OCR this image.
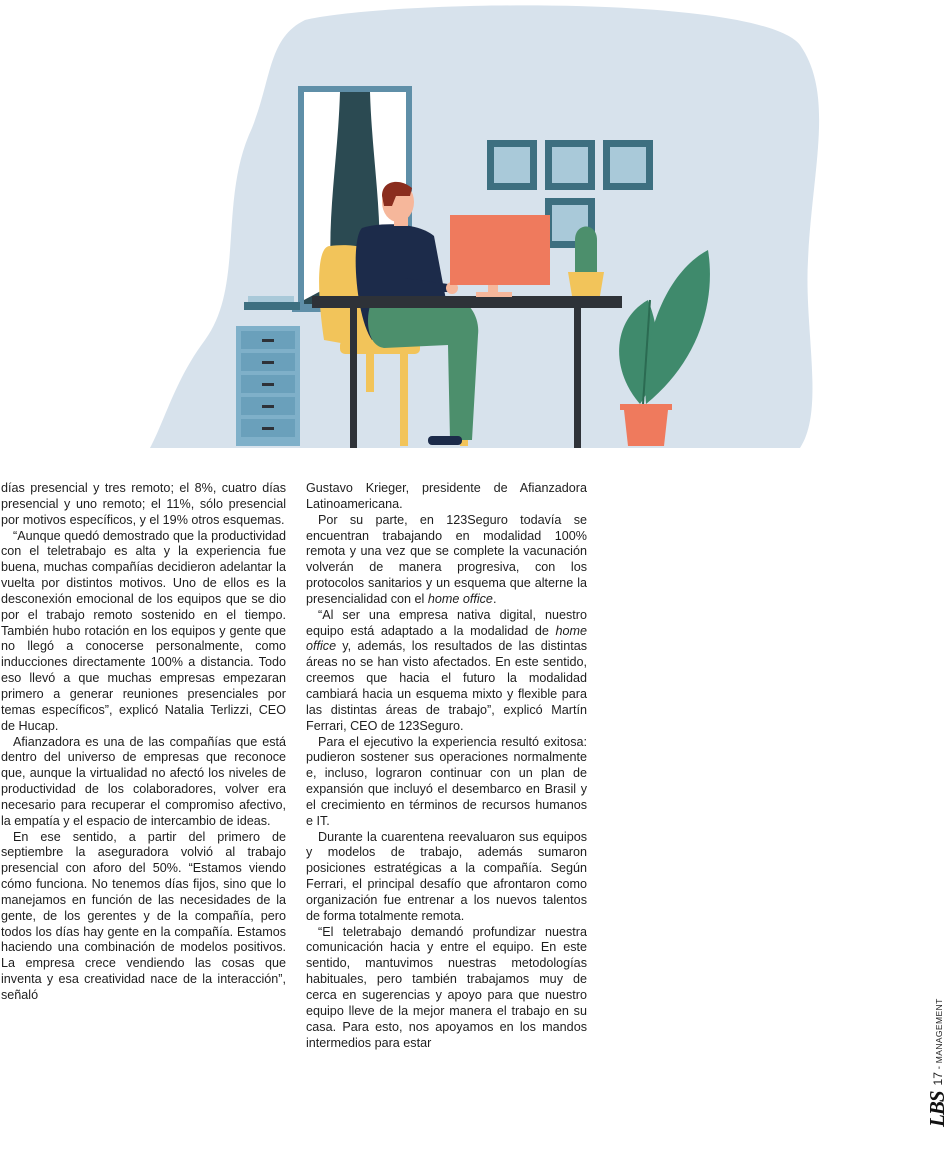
días presencial y tres remoto; el 8%, cuatro días presencial y uno remoto; el 11%, sólo presencial por motivos específicos, y el 19% otros esquemas.

“Aunque quedó demostrado que la productividad con el teletrabajo es alta y la experiencia fue buena, muchas compañías decidieron adelantar la vuelta por distintos motivos. Uno de ellos es la desconexión emocional de los equipos que se dio por el trabajo remoto sostenido en el tiempo. También hubo rotación en los equipos y gente que no llegó a conocerse personalmente, como inducciones directamente 100% a distancia. Todo eso llevó a que muchas empresas empezaran primero a generar reuniones presenciales por temas específicos”, explicó Natalia Terlizzi, CEO de Hucap.

Afianzadora es una de las compañías que está dentro del universo de empresas que reconoce que, aunque la virtualidad no afectó los niveles de productividad de los colaboradores, volver era necesario para recuperar el compromiso afectivo, la empatía y el espacio de intercambio de ideas.

En ese sentido, a partir del primero de septiembre la aseguradora volvió al trabajo presencial con aforo del 50%. “Estamos viendo cómo funciona. No tenemos días fijos, sino que lo manejamos en función de las necesidades de la gente, de los gerentes y de la compañía, pero todos los días hay gente en la compañía. Estamos haciendo una combinación de modelos positivos. La empresa crece vendiendo las cosas que inventa y esa creatividad nace de la interacción”, señaló

Gustavo Krieger, presidente de Afianzadora Latinoamericana.

Por su parte, en 123Seguro todavía se encuentran trabajando en modalidad 100% remota y una vez que se complete la vacunación volverán de manera progresiva, con los protocolos sanitarios y un esquema que alterne la presencialidad con el home office.

“Al ser una empresa nativa digital, nuestro equipo está adaptado a la modalidad de home office y, además, los resultados de las distintas áreas no se han visto afectados. En este sentido, creemos que hacia el futuro la modalidad cambiará hacia un esquema mixto y flexible para las distintas áreas de trabajo”, explicó Martín Ferrari, CEO de 123Seguro.

Para el ejecutivo la experiencia resultó exitosa: pudieron sostener sus operaciones normalmente e, incluso, lograron continuar con un plan de expansión que incluyó el desembarco en Brasil y el crecimiento en términos de recursos humanos e IT.

Durante la cuarentena reevaluaron sus equipos y modelos de trabajo, además sumaron posiciones estratégicas a la compañía. Según Ferrari, el principal desafío que afrontaron como organización fue entrenar a los nuevos talentos de forma totalmente remota.

“El teletrabajo demandó profundizar nuestra comunicación hacia y entre el equipo. En este sentido, mantuvimos nuestras metodologías habituales, pero también trabajamos muy de cerca en sugerencias y apoyo para que nuestro equipo lleve de la mejor manera el trabajo en su casa. Para esto, nos apoyamos en los mandos intermedios para estar

LBS
17 - MANAGEMENT
